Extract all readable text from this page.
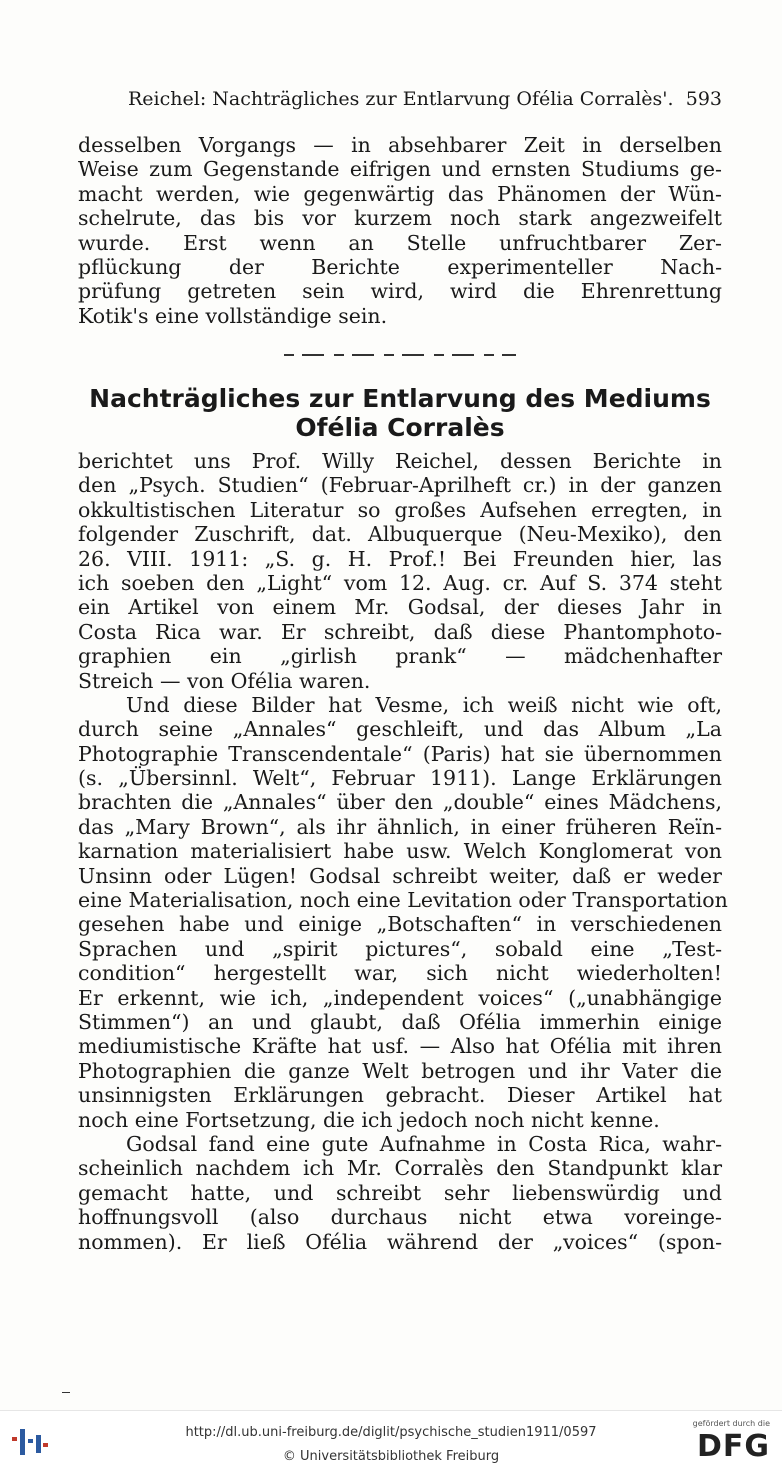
Reichel: Nachträgliches zur Entlarvung Ofélia Corralès'. 593
desselben Vorgangs — in absehbarer Zeit in derselben
Weise zum Gegenstande eifrigen und ernsten Studiums ge-
macht werden, wie gegenwärtig das Phänomen der Wün-
schelrute, das bis vor kurzem noch stark angezweifelt
wurde. Erst wenn an Stelle unfruchtbarer Zer-
pflückung der Berichte experimenteller Nach-
prüfung getreten sein wird, wird die Ehrenrettung
Kotik's eine vollständige sein.
Nachträgliches zur Entlarvung des Mediums
Ofélia Corralès
berichtet uns Prof. Willy Reichel, dessen Berichte in
den „Psych. Studien“ (Februar-Aprilheft cr.) in der ganzen
okkultistischen Literatur so großes Aufsehen erregten, in
folgender Zuschrift, dat. Albuquerque (Neu-Mexiko), den
26. VIII. 1911: „S. g. H. Prof.! Bei Freunden hier, las
ich soeben den „Light“ vom 12. Aug. cr. Auf S. 374 steht
ein Artikel von einem Mr. Godsal, der dieses Jahr in
Costa Rica war. Er schreibt, daß diese Phantomphoto-
graphien ein „girlish prank“ — mädchenhafter
Streich — von Ofélia waren.
Und diese Bilder hat Vesme, ich weiß nicht wie oft,
durch seine „Annales“ geschleift, und das Album „La
Photographie Transcendentale“ (Paris) hat sie übernommen
(s. „Übersinnl. Welt“, Februar 1911). Lange Erklärungen
brachten die „Annales“ über den „double“ eines Mädchens,
das „Mary Brown“, als ihr ähnlich, in einer früheren Reïn-
karnation materialisiert habe usw. Welch Konglomerat von
Unsinn oder Lügen! Godsal schreibt weiter, daß er weder
eine Materialisation, noch eine Levitation oder Transportation
gesehen habe und einige „Botschaften“ in verschiedenen
Sprachen und „spirit pictures“, sobald eine „Test-
condition“ hergestellt war, sich nicht wiederholten!
Er erkennt, wie ich, „independent voices“ („unabhängige
Stimmen“) an und glaubt, daß Ofélia immerhin einige
mediumistische Kräfte hat usf. — Also hat Ofélia mit ihren
Photographien die ganze Welt betrogen und ihr Vater die
unsinnigsten Erklärungen gebracht. Dieser Artikel hat
noch eine Fortsetzung, die ich jedoch noch nicht kenne.
Godsal fand eine gute Aufnahme in Costa Rica, wahr-
scheinlich nachdem ich Mr. Corralès den Standpunkt klar
gemacht hatte, und schreibt sehr liebenswürdig und
hoffnungsvoll (also durchaus nicht etwa voreinge-
nommen). Er ließ Ofélia während der „voices“ (spon-
http://dl.ub.uni-freiburg.de/diglit/psychische_studien1911/0597
© Universitätsbibliothek Freiburg
gefördert durch die
DFG
